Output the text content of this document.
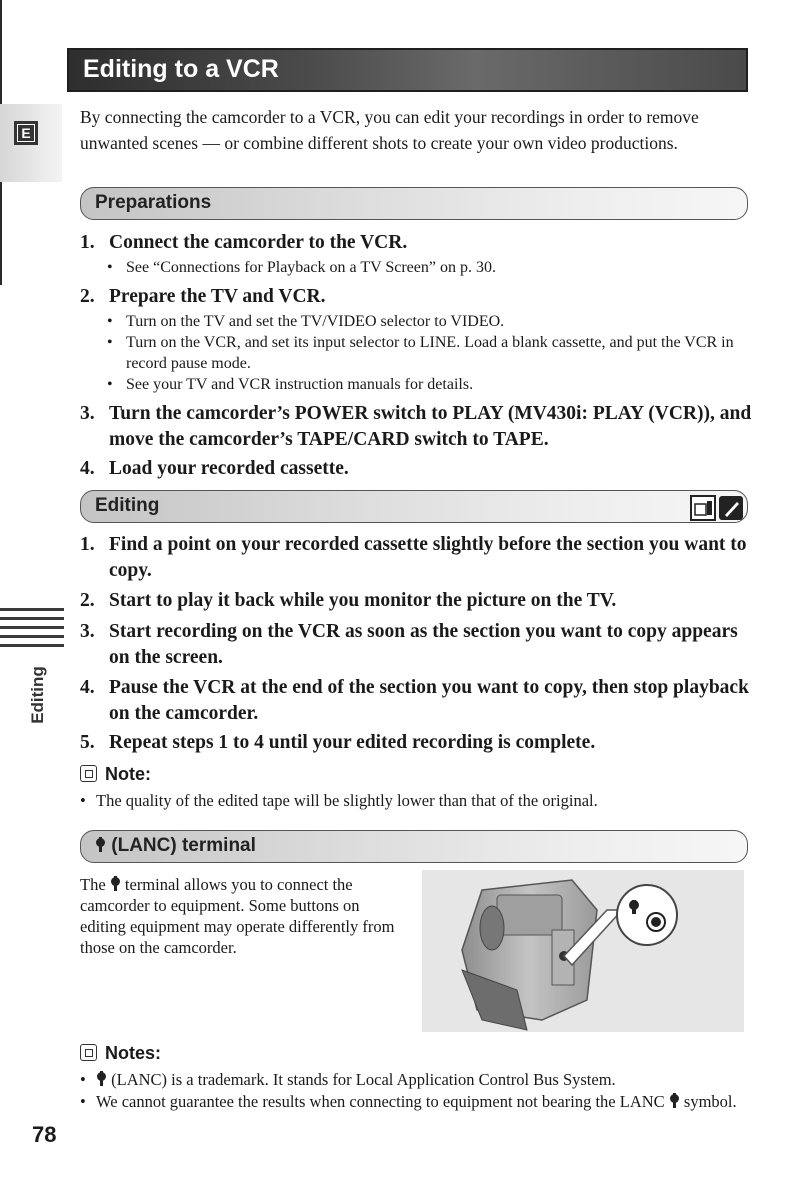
E
Editing
78
Editing to a VCR
By connecting the camcorder to a VCR, you can edit your recordings in order to remove unwanted scenes — or combine different shots to create your own video productions.
Preparations
1. Connect the camcorder to the VCR.
• See “Connections for Playback on a TV Screen” on p. 30.
2. Prepare the TV and VCR.
• Turn on the TV and set the TV/VIDEO selector to VIDEO.
• Turn on the VCR, and set its input selector to LINE. Load a blank cassette, and put the VCR in record pause mode.
• See your TV and VCR instruction manuals for details.
3. Turn the camcorder’s POWER switch to PLAY (MV430i: PLAY (VCR)), and move the camcorder’s TAPE/CARD switch to TAPE.
4. Load your recorded cassette.
Editing
1. Find a point on your recorded cassette slightly before the section you want to copy.
2. Start to play it back while you monitor the picture on the TV.
3. Start recording on the VCR as soon as the section you want to copy appears on the screen.
4. Pause the VCR at the end of the section you want to copy, then stop playback on the camcorder.
5. Repeat steps 1 to 4 until your edited recording is complete.
Note:
• The quality of the edited tape will be slightly lower than that of the original.
(LANC) terminal
The terminal allows you to connect the camcorder to equipment. Some buttons on editing equipment may operate differently from those on the camcorder.
Notes:
•	(LANC) is a trademark. It stands for Local Application Control Bus System.
• We cannot guarantee the results when connecting to equipment not bearing the LANC symbol.
